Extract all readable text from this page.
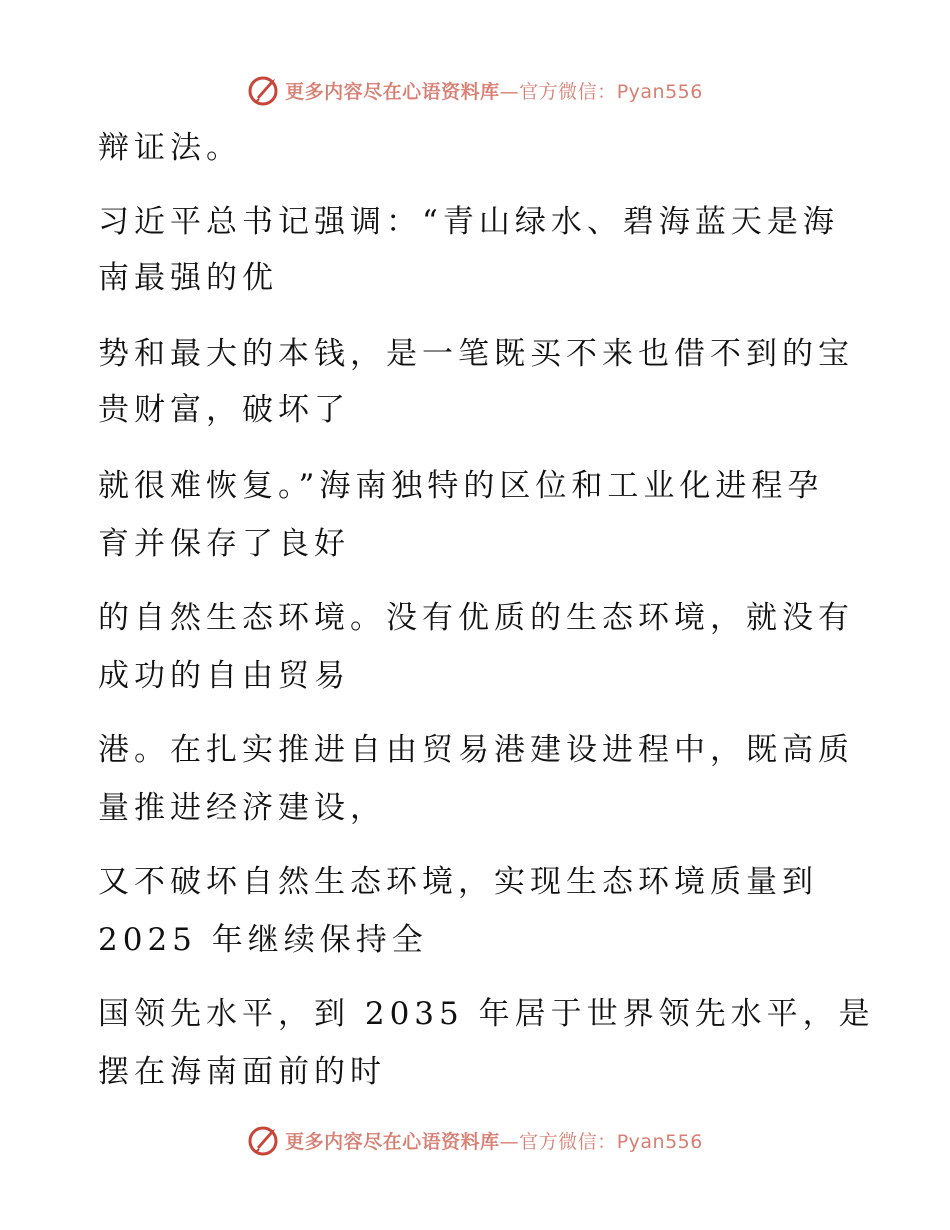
更多内容尽在心语资料库—官方微信：Pyan556
辩证法。
习近平总书记强调：“青山绿水、碧海蓝天是海
南最强的优
势和最大的本钱，是一笔既买不来也借不到的宝
贵财富，破坏了
就很难恢复。”海南独特的区位和工业化进程孕
育并保存了良好
的自然生态环境。没有优质的生态环境，就没有
成功的自由贸易
港。在扎实推进自由贸易港建设进程中，既高质
量推进经济建设，
又不破坏自然生态环境，实现生态环境质量到
2025 年继续保持全
国领先水平，到 2035 年居于世界领先水平，是
摆在海南面前的时
更多内容尽在心语资料库—官方微信：Pyan556
